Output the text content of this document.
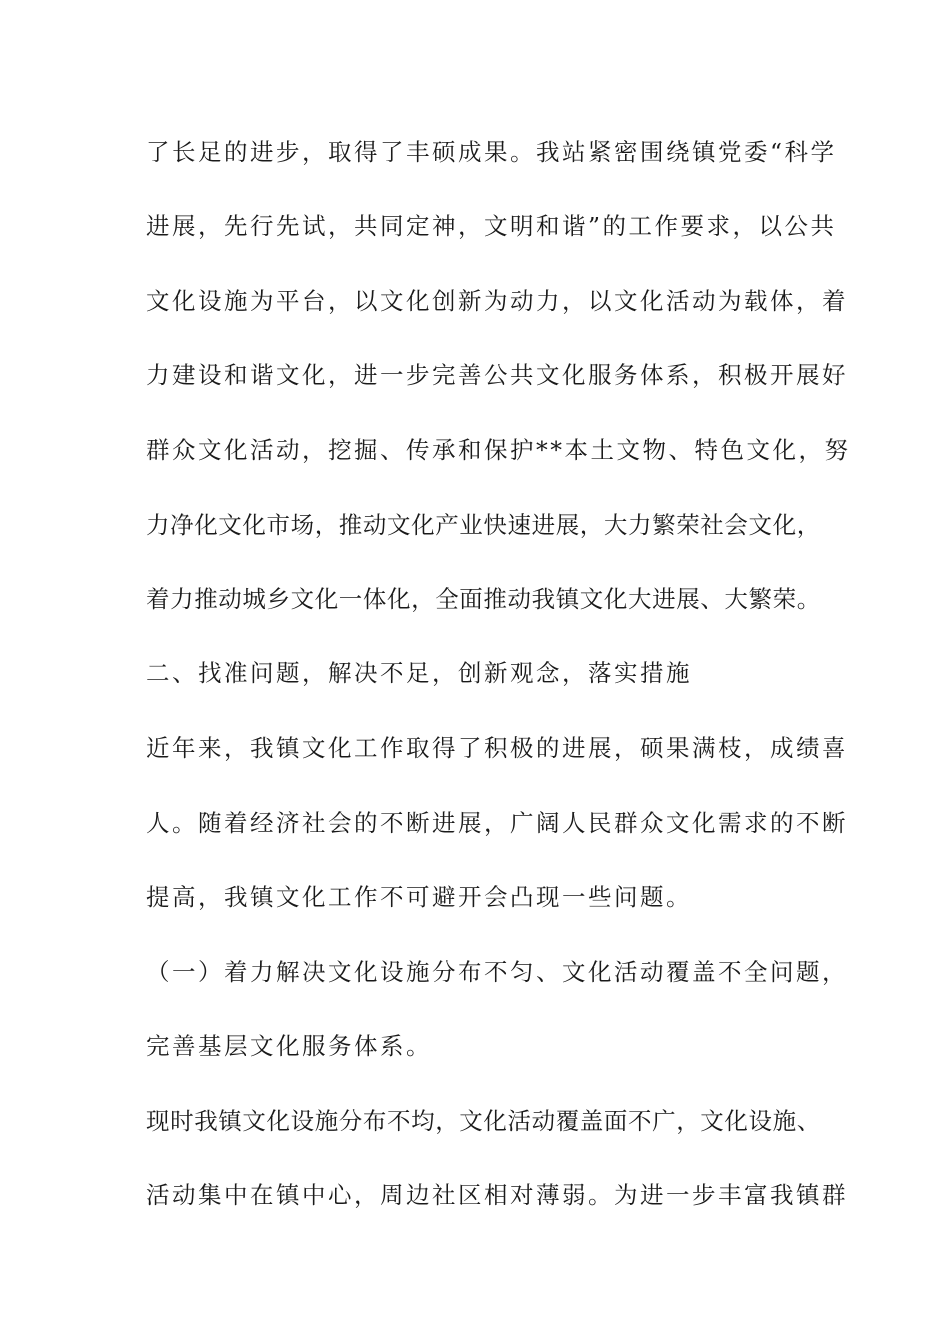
了长足的进步，取得了丰硕成果。我站紧密围绕镇党委“科学
进展，先行先试，共同定神，文明和谐”的工作要求，以公共
文化设施为平台，以文化创新为动力，以文化活动为载体，着
力建设和谐文化，进一步完善公共文化服务体系，积极开展好
群众文化活动，挖掘、传承和保护**本土文物、特色文化，努
力净化文化市场，推动文化产业快速进展，大力繁荣社会文化，
着力推动城乡文化一体化，全面推动我镇文化大进展、大繁荣。
二、找准问题，解决不足，创新观念，落实措施
近年来，我镇文化工作取得了积极的进展，硕果满枝，成绩喜
人。随着经济社会的不断进展，广阔人民群众文化需求的不断
提高，我镇文化工作不可避开会凸现一些问题。
（一）着力解决文化设施分布不匀、文化活动覆盖不全问题，
完善基层文化服务体系。
现时我镇文化设施分布不均，文化活动覆盖面不广，文化设施、
活动集中在镇中心，周边社区相对薄弱。为进一步丰富我镇群
